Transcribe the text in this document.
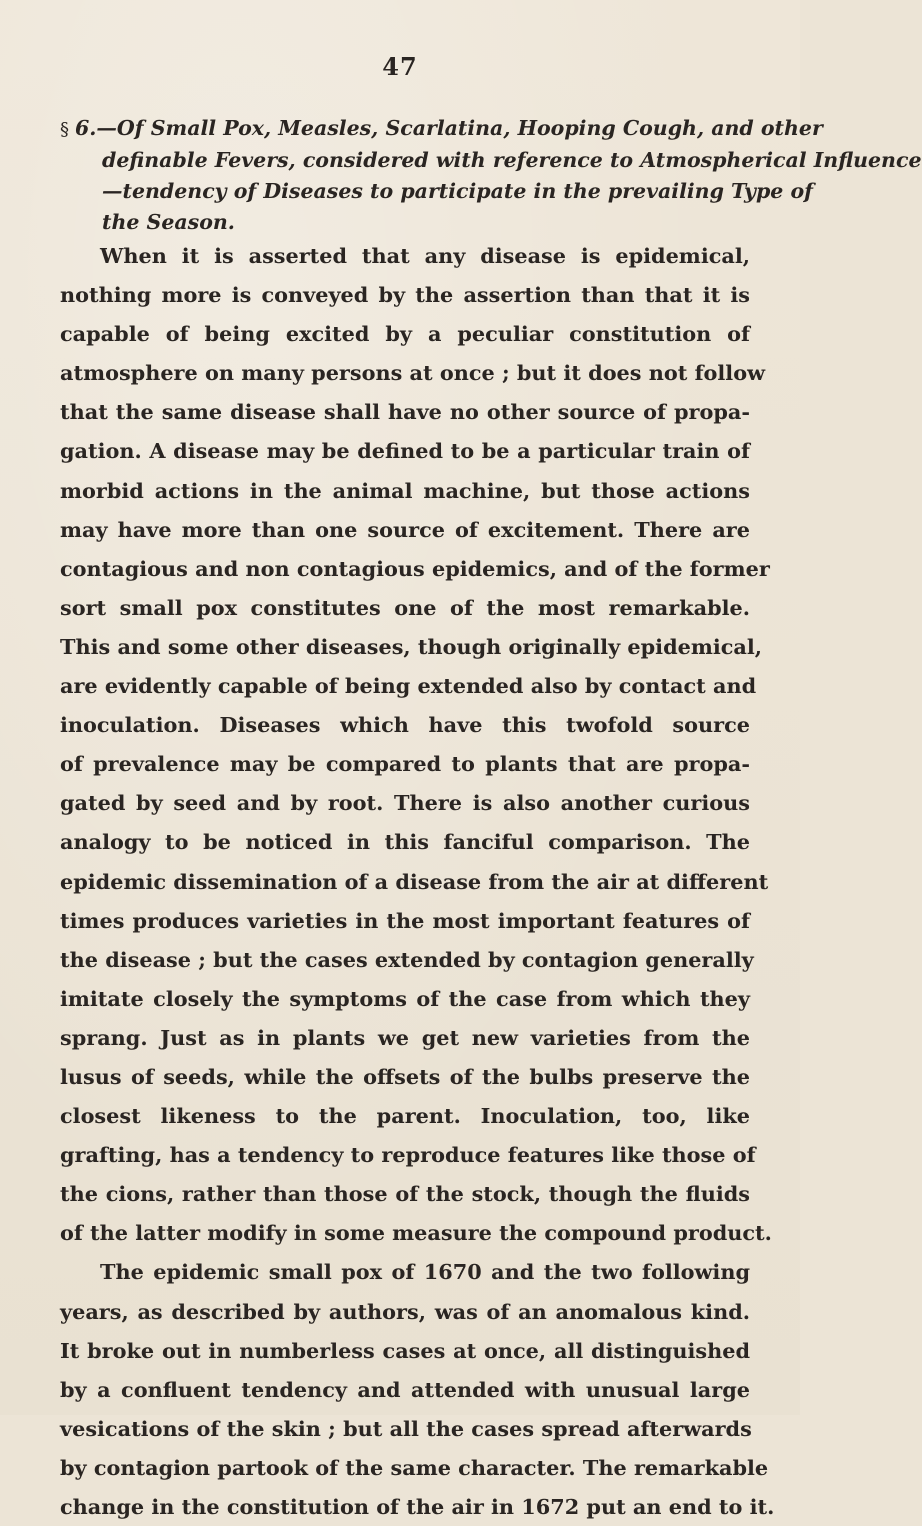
47
§ 6.—Of Small Pox, Measles, Scarlatina, Hooping Cough, and other
definable Fevers, considered with reference to Atmospherical Influence
—tendency of Diseases to participate in the prevailing Type of
the Season.
When it is asserted that any disease is epidemical,
nothing more is conveyed by the assertion than that it is
capable of being excited by a peculiar constitution of
atmosphere on many persons at once ; but it does not follow
that the same disease shall have no other source of propa-
gation. A disease may be defined to be a particular train of
morbid actions in the animal machine, but those actions
may have more than one source of excitement. There are
contagious and non contagious epidemics, and of the former
sort small pox constitutes one of the most remarkable.
This and some other diseases, though originally epidemical,
are evidently capable of being extended also by contact and
inoculation. Diseases which have this twofold source
of prevalence may be compared to plants that are propa-
gated by seed and by root. There is also another curious
analogy to be noticed in this fanciful comparison. The
epidemic dissemination of a disease from the air at different
times produces varieties in the most important features of
the disease ; but the cases extended by contagion generally
imitate closely the symptoms of the case from which they
sprang. Just as in plants we get new varieties from the
lusus of seeds, while the offsets of the bulbs preserve the
closest likeness to the parent. Inoculation, too, like
grafting, has a tendency to reproduce features like those of
the cions, rather than those of the stock, though the fluids
of the latter modify in some measure the compound product.
The epidemic small pox of 1670 and the two following
years, as described by authors, was of an anomalous kind.
It broke out in numberless cases at once, all distinguished
by a confluent tendency and attended with unusual large
vesications of the skin ; but all the cases spread afterwards
by contagion partook of the same character. The remarkable
change in the constitution of the air in 1672 put an end to it.
